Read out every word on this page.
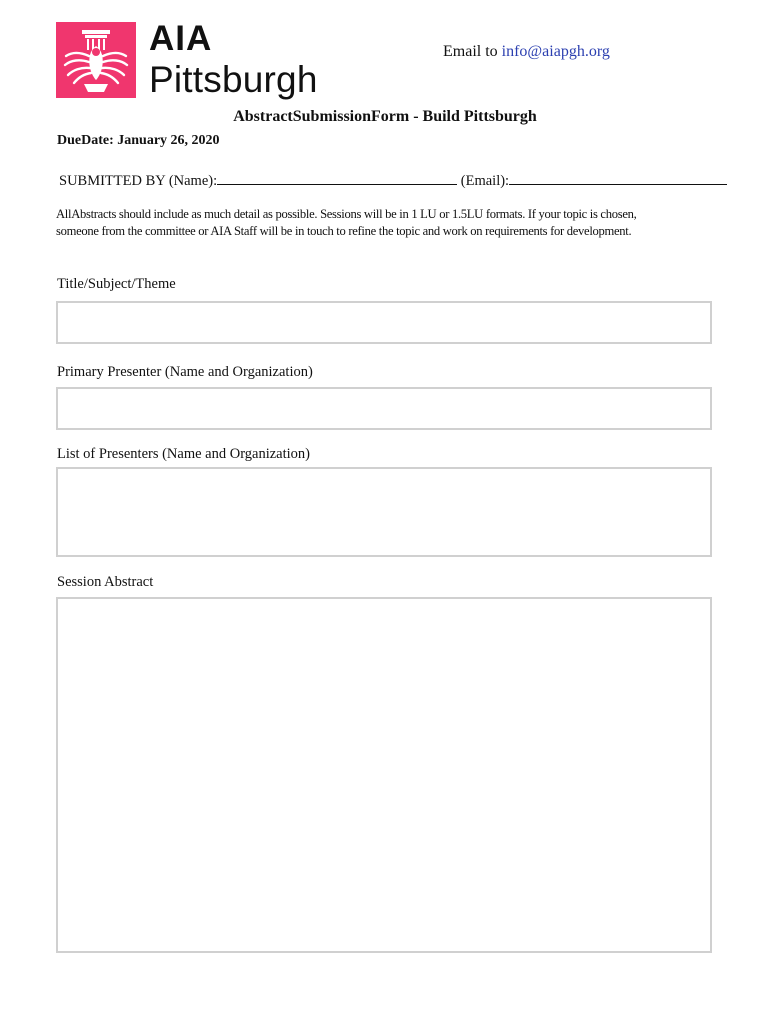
AIA
Pittsburgh
Email to info@aiapgh.org
AbstractSubmissionForm - Build Pittsburgh
DueDate: January 26, 2020
SUBMITTED BY (Name):	(Email):
AllAbstracts should include as much detail as possible. Sessions will be in 1 LU or 1.5LU formats. If your topic is chosen,
someone from the committee or AIA Staff will be in touch to refine the topic and work on requirements for development.
Title/Subject/Theme
Primary Presenter (Name and Organization)
List of Presenters (Name and Organization)
Session Abstract
